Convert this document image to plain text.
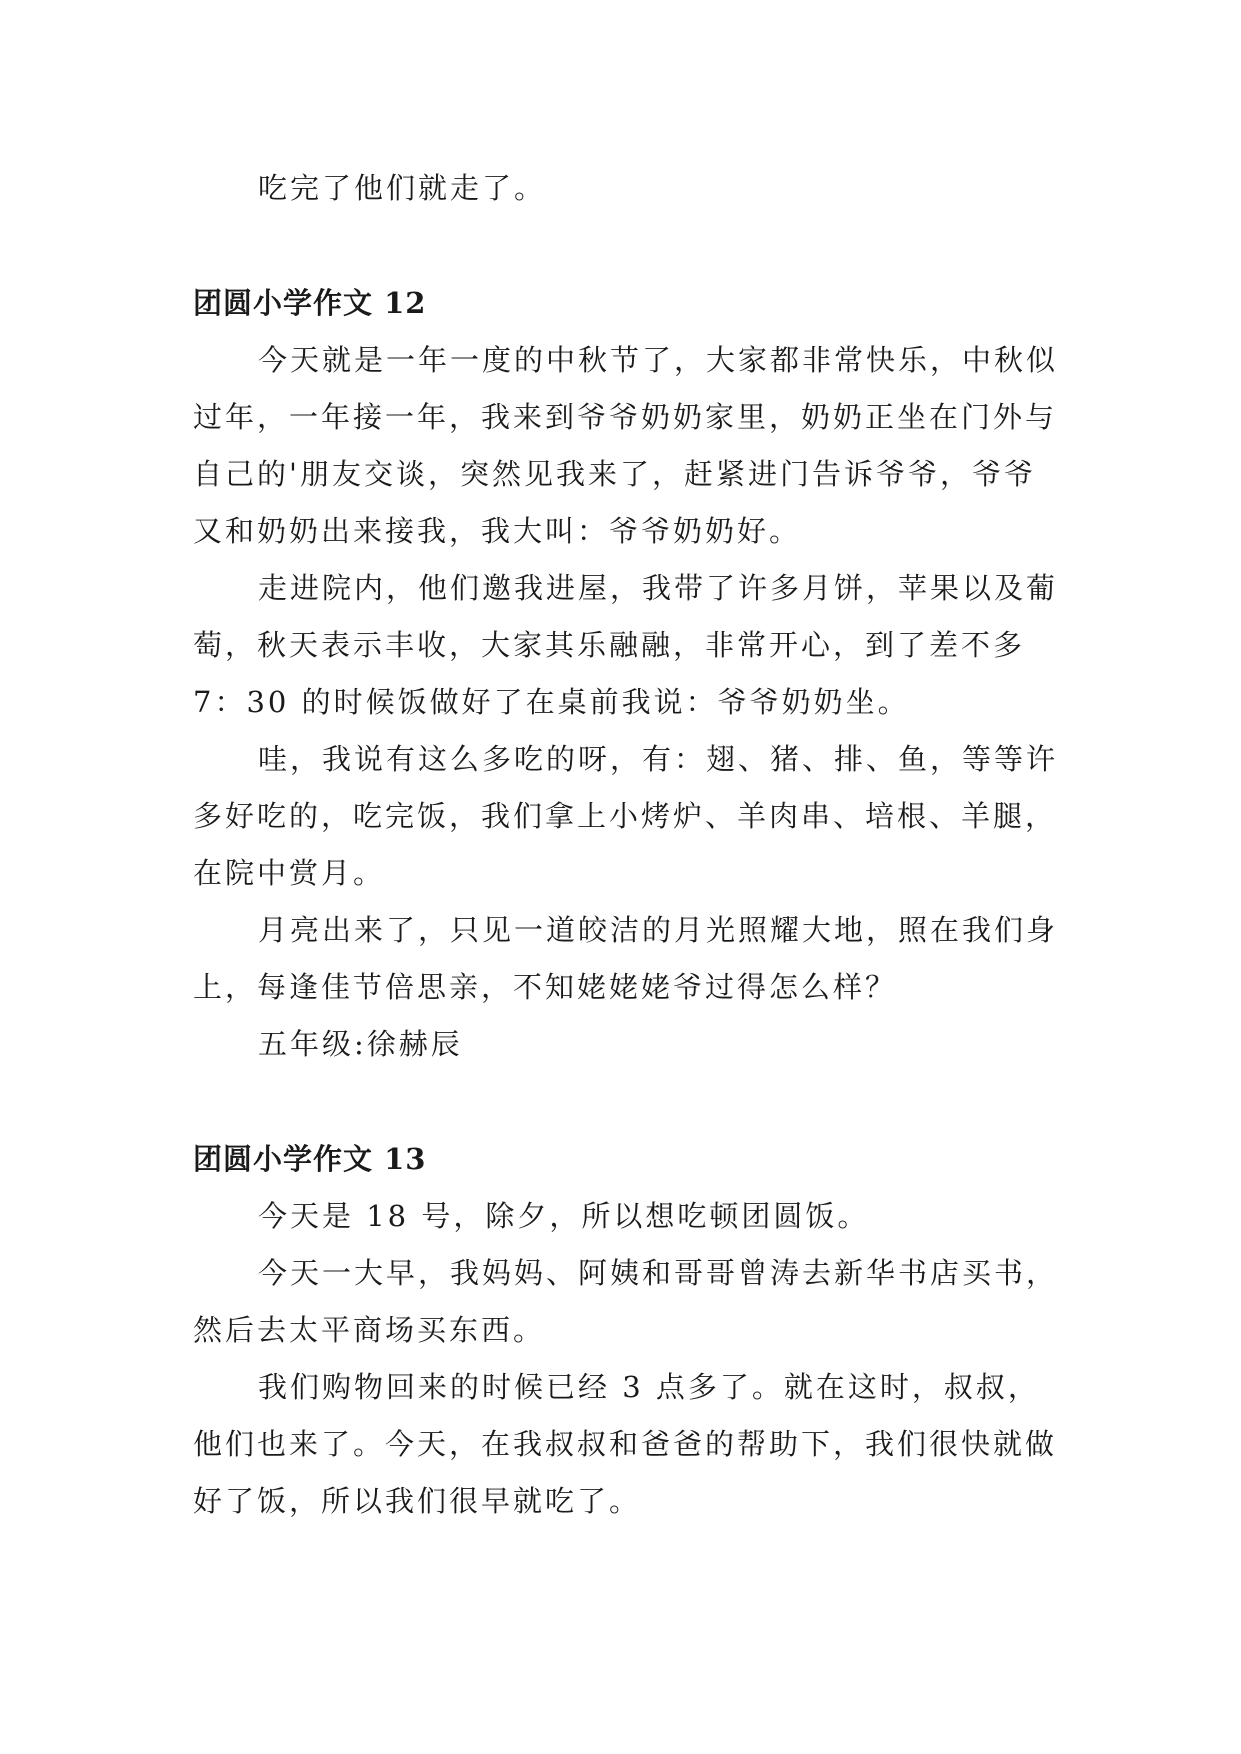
吃完了他们就走了。

团圆小学作文 12

今天就是一年一度的中秋节了，大家都非常快乐，中秋似过年，一年接一年，我来到爷爷奶奶家里，奶奶正坐在门外与自己的'朋友交谈，突然见我来了，赶紧进门告诉爷爷，爷爷又和奶奶出来接我，我大叫：爷爷奶奶好。

走进院内，他们邀我进屋，我带了许多月饼，苹果以及葡萄，秋天表示丰收，大家其乐融融，非常开心，到了差不多 7：30 的时候饭做好了在桌前我说：爷爷奶奶坐。

哇，我说有这么多吃的呀，有：翅、猪、排、鱼，等等许多好吃的，吃完饭，我们拿上小烤炉、羊肉串、培根、羊腿，在院中赏月。

月亮出来了，只见一道皎洁的月光照耀大地，照在我们身上，每逢佳节倍思亲，不知姥姥姥爷过得怎么样？

五年级:徐赫辰

团圆小学作文 13

今天是 18 号，除夕，所以想吃顿团圆饭。

今天一大早，我妈妈、阿姨和哥哥曾涛去新华书店买书，然后去太平商场买东西。

我们购物回来的时候已经 3 点多了。就在这时，叔叔，他们也来了。今天，在我叔叔和爸爸的帮助下，我们很快就做好了饭，所以我们很早就吃了。
